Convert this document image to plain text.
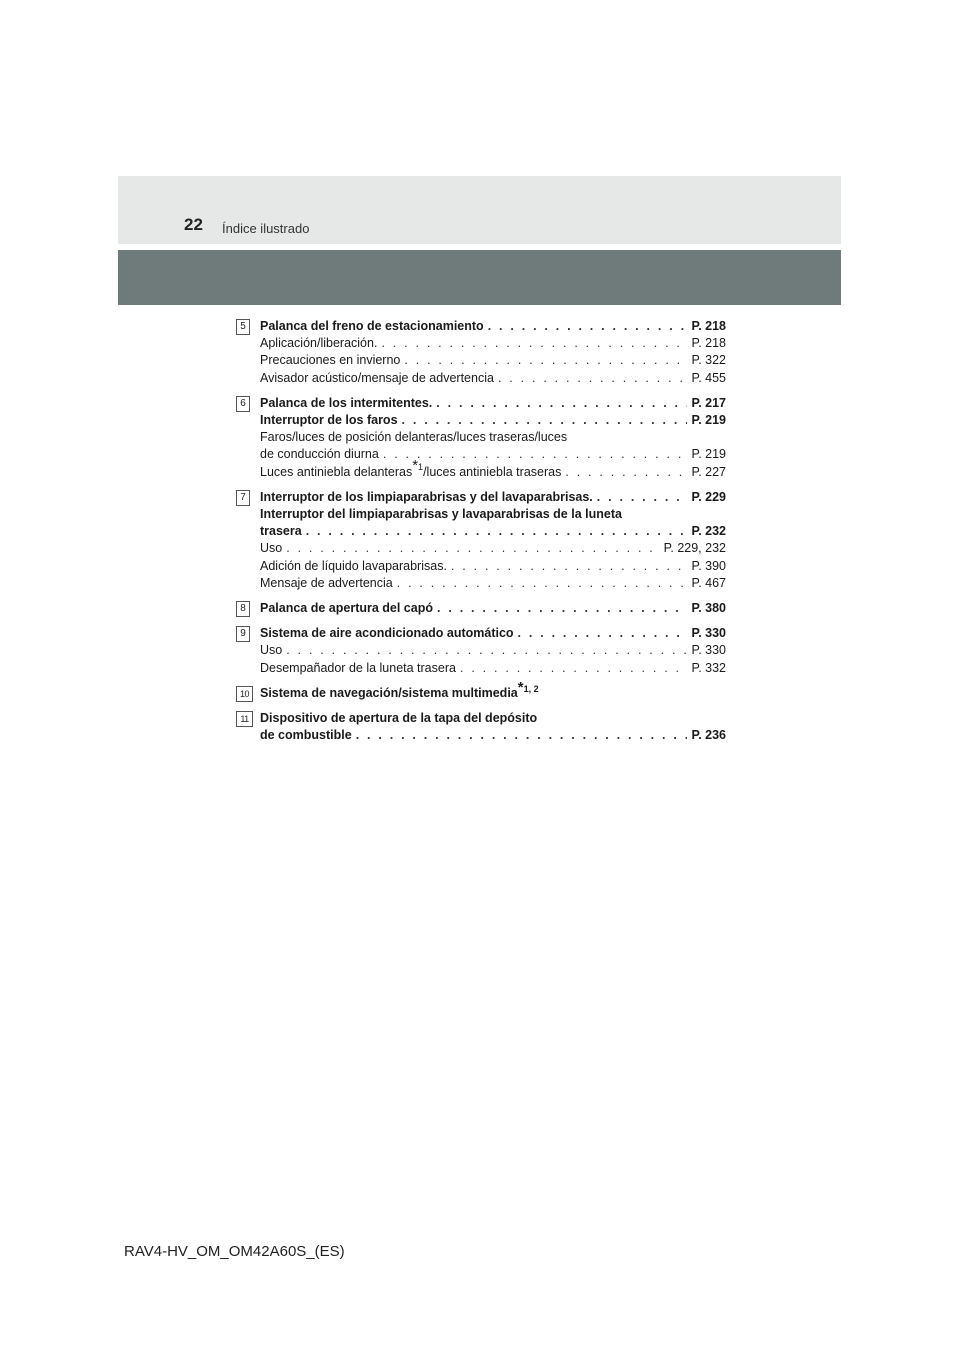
22 Índice ilustrado
5	Palanca del freno de estacionamiento . . .	P. 218
Aplicación/liberación. . . .	P. 218
Precauciones en invierno . . .	P. 322
Avisador acústico/mensaje de advertencia . . .	P. 455
6	Palanca de los intermitentes. . . .	P. 217
Interruptor de los faros . . .	P. 219
Faros/luces de posición delanteras/luces traseras/luces
de conducción diurna . . .	P. 219
Luces antiniebla delanteras$^{*1}$/luces antiniebla traseras . . .	P. 227
7	Interruptor de los limpiaparabrisas y del lavaparabrisas. . . .	P. 229
Interruptor del limpiaparabrisas y lavaparabrisas de la luneta
trasera . . .	P. 232
Uso . . .	P. 229, 232
Adición de líquido lavaparabrisas. . . .	P. 390
Mensaje de advertencia . . .	P. 467
8	Palanca de apertura del capó . . .	P. 380
9	Sistema de aire acondicionado automático . . .	P. 330
Uso . . .	P. 330
Desempañador de la luneta trasera . . .	P. 332
10 Sistema de navegación/sistema multimedia$^{*1, 2}$
11 Dispositivo de apertura de la tapa del depósito
de combustible . . .	P. 236
RAV4-HV_OM_OM42A60S_(ES)
